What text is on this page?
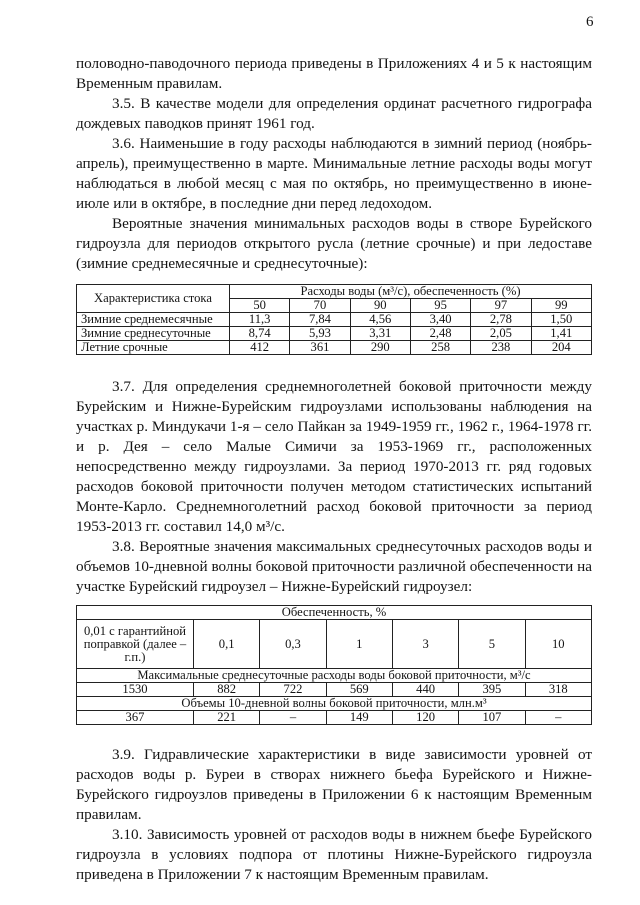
6

половодно-паводочного периода приведены в Приложениях 4 и 5 к настоящим Временным правилам.

3.5. В качестве модели для определения ординат расчетного гидрографа дождевых паводков принят 1961 год.

3.6. Наименьшие в году расходы наблюдаются в зимний период (ноябрь-апрель), преимущественно в марте. Минимальные летние расходы воды могут наблюдаться в любой месяц с мая по октябрь, но преимущественно в июне-июле или в октябре, в последние дни перед ледоходом.

Вероятные значения минимальных расходов воды в створе Бурейского гидроузла для периодов открытого русла (летние срочные) и при ледоставе (зимние среднемесячные и среднесуточные):

Характеристика стока	Расходы воды (м³/с), обеспеченность (%)					
	50	70	90	95	97	99
Зимние среднемесячные	11,3	7,84	4,56	3,40	2,78	1,50
Зимние среднесуточные	8,74	5,93	3,31	2,48	2,05	1,41
Летние срочные	412	361	290	258	238	204

3.7. Для определения среднемноголетней боковой приточности между Бурейским и Нижне-Бурейским гидроузлами использованы наблюдения на участках р. Миндукачи 1-я – село Пайкан за 1949-1959 гг., 1962 г., 1964-1978 гг. и р. Дея – село Малые Симичи за 1953-1969 гг., расположенных непосредственно между гидроузлами. За период 1970-2013 гг. ряд годовых расходов боковой приточности получен методом статистических испытаний Монте-Карло. Среднемноголетний расход боковой приточности за период 1953-2013 гг. составил 14,0 м³/с.

3.8. Вероятные значения максимальных среднесуточных расходов воды и объемов 10-дневной волны боковой приточности различной обеспеченности на участке Бурейский гидроузел – Нижне-Бурейский гидроузел:

Обеспеченность, %						
0,01 с гарантийной поправкой (далее – г.п.)	0,1	0,3	1	3	5	10
Максимальные среднесуточные расходы воды боковой приточности, м³/с						
1530	882	722	569	440	395	318
Объемы 10-дневной волны боковой приточности, млн.м³						
367	221	–	149	120	107	–

3.9. Гидравлические характеристики в виде зависимости уровней от расходов воды р. Буреи в створах нижнего бьефа Бурейского и Нижне-Бурейского гидроузлов приведены в Приложении 6 к настоящим Временным правилам.

3.10. Зависимость уровней от расходов воды в нижнем бьефе Бурейского гидроузла в условиях подпора от плотины Нижне-Бурейского гидроузла приведена в Приложении 7 к настоящим Временным правилам.
